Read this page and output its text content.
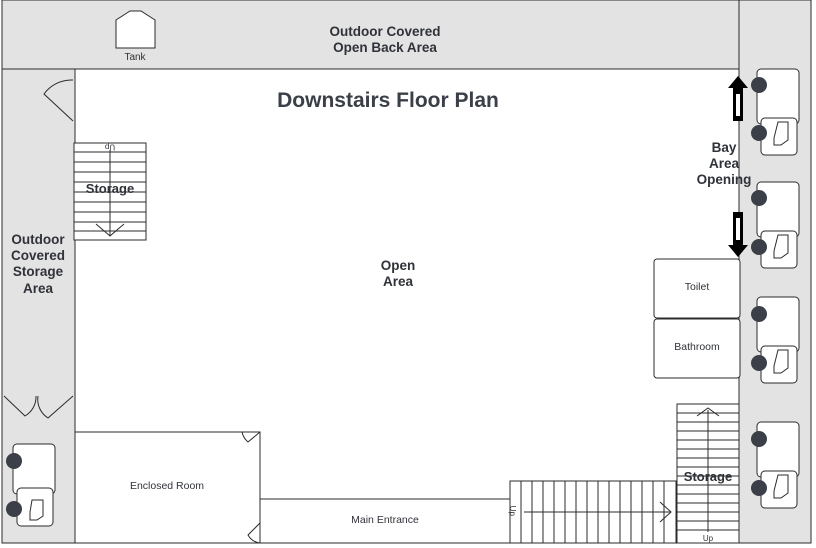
Downstairs Floor Plan
Outdoor Covered
Open Back Area
Tank
Outdoor
Covered
Storage
Area
Bay
Area
Opening
Open
Area
Storage
Storage
Toilet
Bathroom
Enclosed Room
Main Entrance
Up
Up
Up
